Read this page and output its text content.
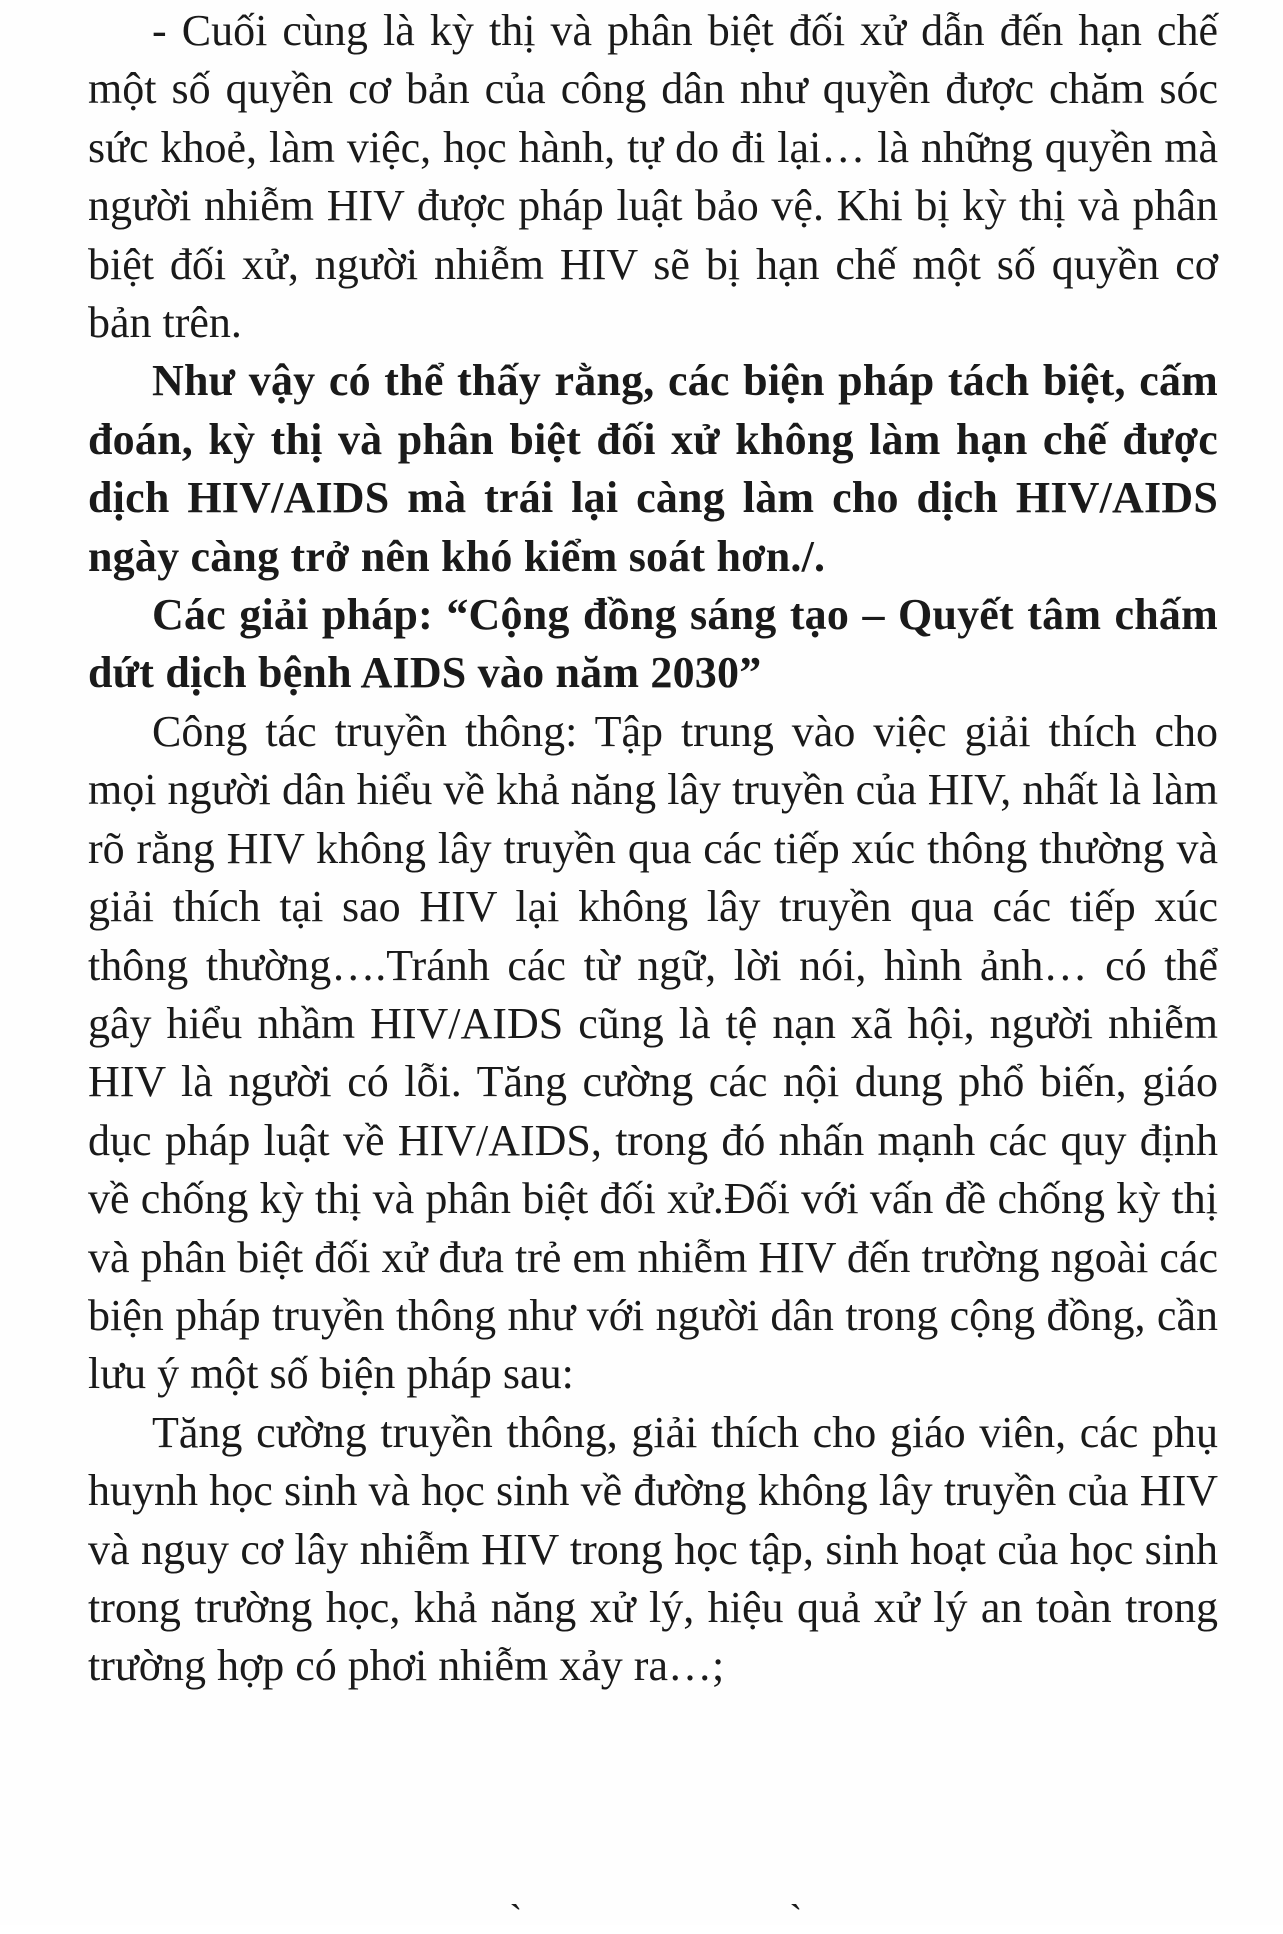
- Cuối cùng là kỳ thị và phân biệt đối xử dẫn đến hạn chế một số quyền cơ bản của công dân như quyền được chăm sóc sức khoẻ, làm việc, học hành, tự do đi lại… là những quyền mà người nhiễm HIV được pháp luật bảo vệ. Khi bị kỳ thị và phân biệt đối xử, người nhiễm HIV sẽ bị hạn chế một số quyền cơ bản trên.

Như vậy có thể thấy rằng, các biện pháp tách biệt, cấm đoán, kỳ thị và phân biệt đối xử không làm hạn chế được dịch HIV/AIDS mà trái lại càng làm cho dịch HIV/AIDS ngày càng trở nên khó kiểm soát hơn./.

Các giải pháp: “Cộng đồng sáng tạo – Quyết tâm chấm dứt dịch bệnh AIDS vào năm 2030”

Công tác truyền thông: Tập trung vào việc giải thích cho mọi người dân hiểu về khả năng lây truyền của HIV, nhất là làm rõ rằng HIV không lây truyền qua các tiếp xúc thông thường và giải thích tại sao HIV lại không lây truyền qua các tiếp xúc thông thường….Tránh các từ ngữ, lời nói, hình ảnh… có thể gây hiểu nhầm HIV/AIDS cũng là tệ nạn xã hội, người nhiễm HIV là người có lỗi. Tăng cường các nội dung phổ biến, giáo dục pháp luật về HIV/AIDS, trong đó nhấn mạnh các quy định về chống kỳ thị và phân biệt đối xử.Đối với vấn đề chống kỳ thị và phân biệt đối xử đưa trẻ em nhiễm HIV đến trường ngoài các biện pháp truyền thông như với người dân trong cộng đồng, cần lưu ý một số biện pháp sau:

Tăng cường truyền thông, giải thích cho giáo viên, các phụ huynh học sinh và học sinh về đường không lây truyền của HIV và nguy cơ lây nhiễm HIV trong học tập, sinh hoạt của học sinh trong trường học, khả năng xử lý, hiệu quả xử lý an toàn trong trường hợp có phơi nhiễm xảy ra…;

`	`
